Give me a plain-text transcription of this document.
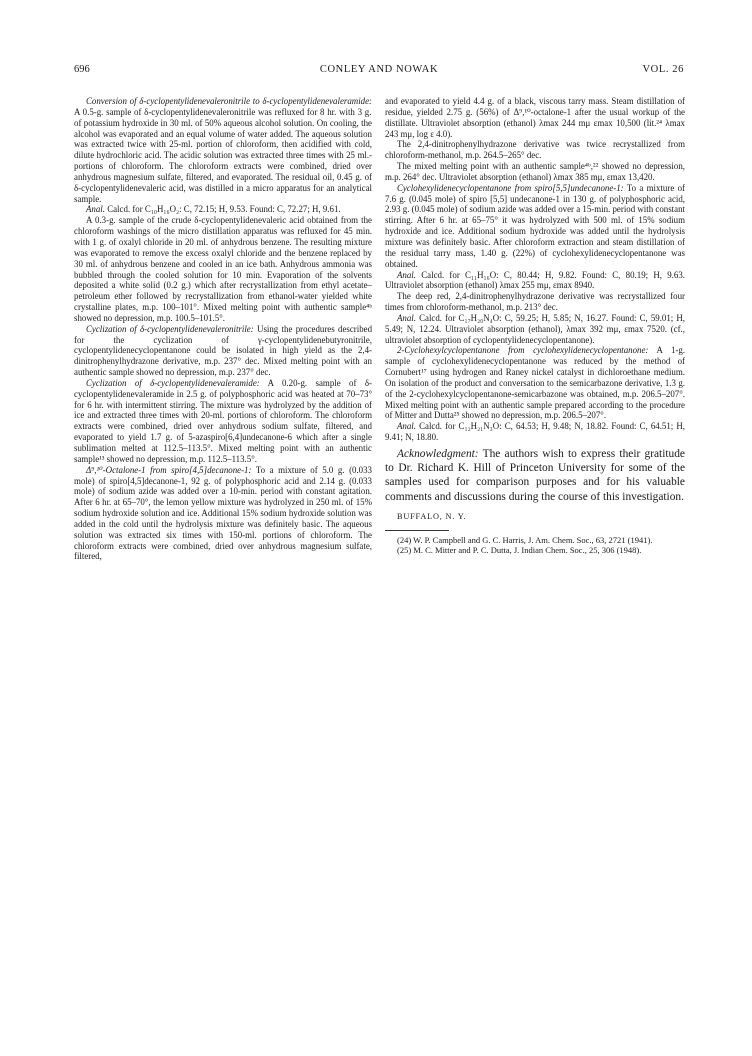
696	CONLEY AND NOWAK	VOL. 26

Conversion of δ-cyclopentylidenevaleronitrile to δ-cyclopentylidenevaleramide: A 0.5-g. sample of δ-cyclopentylidenevaleronitrile was refluxed for 8 hr. with 3 g. of potassium hydroxide in 30 ml. of 50% aqueous alcohol solution. On cooling, the alcohol was evaporated and an equal volume of water added. The aqueous solution was extracted twice with 25-ml. portion of chloroform, then acidified with cold, dilute hydrochloric acid. The acidic solution was extracted three times with 25 ml.-portions of chloroform. The chloroform extracts were combined, dried over anhydrous magnesium sulfate, filtered, and evaporated. The residual oil, 0.45 g. of δ-cyclopentylidenevaleric acid, was distilled in a micro apparatus for an analytical sample.

Anal. Calcd. for C₁₀H₁₆O₂: C, 72.15; H, 9.53. Found: C, 72.27; H, 9.61.

A 0.3-g. sample of the crude δ-cyclopentylidenevaleric acid obtained from the chloroform washings of the micro distillation apparatus was refluxed for 45 min. with 1 g. of oxalyl chloride in 20 ml. of anhydrous benzene. The resulting mixture was evaporated to remove the excess oxalyl chloride and the benzene replaced by 30 ml. of anhydrous benzene and cooled in an ice bath. Anhydrous ammonia was bubbled through the cooled solution for 10 min. Evaporation of the solvents deposited a white solid (0.2 g.) which after recrystallization from ethyl acetate–petroleum ether followed by recrystallization from ethanol-water yielded white crystalline plates, m.p. 100–101°. Mixed melting point with authentic sample⁴ᵇ showed no depression, m.p. 100.5–101.5°.

Cyclization of δ-cyclopentylidenevaleronitrile: Using the procedures described for the cyclization of γ-cyclopentylidenebutyronitrile, cyclopentylidenecyclopentanone could be isolated in high yield as the 2,4-dinitrophenylhydrazone derivative, m.p. 237° dec. Mixed melting point with an authentic sample showed no depression, m.p. 237° dec.

Cyclization of δ-cyclopentylidenevaleramide: A 0.20-g. sample of δ-cyclopentylidenevaleramide in 2.5 g. of polyphosphoric acid was heated at 70–73° for 6 hr. with intermittent stirring. The mixture was hydrolyzed by the addition of ice and extracted three times with 20-ml. portions of chloroform. The chloroform extracts were combined, dried over anhydrous sodium sulfate, filtered, and evaporated to yield 1.7 g. of 5-azaspiro[6,4]undecanone-6 which after a single sublimation melted at 112.5–113.5°. Mixed melting point with an authentic sample¹³ showed no depression, m.p. 112.5–113.5°.

Δ⁹,¹⁰-Octalone-1 from spiro[4,5]decanone-1: To a mixture of 5.0 g. (0.033 mole) of spiro[4,5]decanone-1, 92 g. of polyphosphoric acid and 2.14 g. (0.033 mole) of sodium azide was added over a 10-min. period with constant agitation. After 6 hr. at 65–70°, the lemon yellow mixture was hydrolyzed in 250 ml. of 15% sodium hydroxide solution and ice. Additional 15% sodium hydroxide solution was added in the cold until the hydrolysis mixture was definitely basic. The aqueous solution was extracted six times with 150-ml. portions of chloroform. The chloroform extracts were combined, dried over anhydrous magnesium sulfate, filtered,

and evaporated to yield 4.4 g. of a black, viscous tarry mass. Steam distillation of residue, yielded 2.75 g. (56%) of Δ⁹,¹⁰-octalone-1 after the usual workup of the distillate. Ultraviolet absorption (ethanol) λmax 244 mμ εmax 10,500 (lit.²⁴ λmax 243 mμ, log ε 4.0).

The 2,4-dinitrophenylhydrazone derivative was twice recrystallized from chloroform-methanol, m.p. 264.5–265° dec.

The mixed melting point with an authentic sample⁴ᵇ,²² showed no depression, m.p. 264° dec. Ultraviolet absorption (ethanol) λmax 385 mμ, εmax 13,420.

Cyclohexylidenecyclopentanone from spiro[5,5]undecanone-1: To a mixture of 7.6 g. (0.045 mole) of spiro [5,5] undecanone-1 in 130 g. of polyphosphoric acid, 2.93 g. (0.045 mole) of sodium azide was added over a 15-min. period with constant stirring. After 6 hr. at 65–75° it was hydrolyzed with 500 ml. of 15% sodium hydroxide and ice. Additional sodium hydroxide was added until the hydrolysis mixture was definitely basic. After chloroform extraction and steam distillation of the residual tarry mass, 1.40 g. (22%) of cyclohexylidenecyclopentanone was obtained.

Anal. Calcd. for C₁₁H₁₆O: C, 80.44; H, 9.82. Found: C, 80.19; H, 9.63. Ultraviolet absorption (ethanol) λmax 255 mμ, εmax 8940.

The deep red, 2,4-dinitrophenylhydrazone derivative was recrystallized four times from chloroform-methanol, m.p. 213° dec.

Anal. Calcd. for C₁₇H₂₀N₄O: C, 59.25; H, 5.85; N, 16.27. Found: C, 59.01; H, 5.49; N, 12.24. Ultraviolet absorption (ethanol), λmax 392 mμ, εmax 7520. (cf., ultraviolet absorption of cyclopentylidenecyclopentanone).

2-Cyclohexylcyclopentanone from cyclohexylidenecyclopentanone: A 1-g. sample of cyclohexylidenecyclopentanone was reduced by the method of Cornubert¹⁷ using hydrogen and Raney nickel catalyst in dichloroethane medium. On isolation of the product and conversation to the semicarbazone derivative, 1.3 g. of the 2-cyclohexylcyclopentanone-semicarbazone was obtained, m.p. 206.5–207°. Mixed melting point with an authentic sample prepared according to the procedure of Mitter and Dutta²⁵ showed no depression, m.p. 206.5–207°.

Anal. Calcd. for C₁₂H₂₁N₃O: C, 64.53; H, 9.48; N, 18.82. Found: C, 64.51; H, 9.41; N, 18.80.

Acknowledgment: The authors wish to express their gratitude to Dr. Richard K. Hill of Princeton University for some of the samples used for comparison purposes and for his valuable comments and discussions during the course of this investigation.

BUFFALO, N. Y.

(24) W. P. Campbell and G. C. Harris, J. Am. Chem. Soc., 63, 2721 (1941).

(25) M. C. Mitter and P. C. Dutta, J. Indian Chem. Soc., 25, 306 (1948).
